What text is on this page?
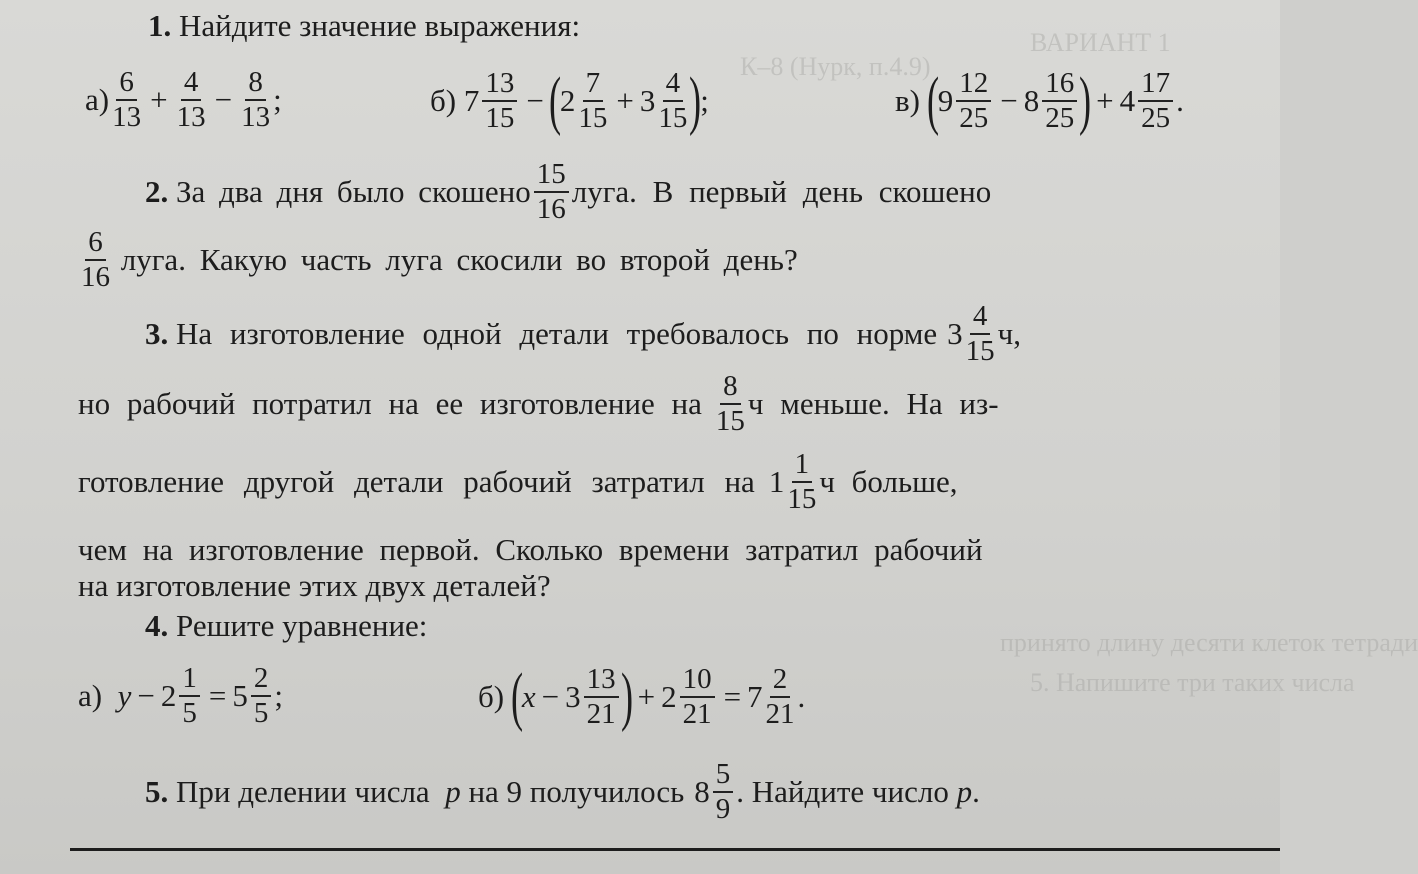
ВАРИАНТ 1
К–8 (Нурк, п.4.9)
принято длину десяти клеток тетради
5. Напишите три таких числа
1.
Найдите значение выражения:
а) 6
$13 + \frac{4}{13} - \frac{8}{13}$ ;	б)
7 13
15 − (
2 7
15 + 3 4
15 )
;	в)
(
9 12
25 − 8 16
25 ) + 4 17
25 .
2.
За два дня было скошено 15
16 луга. В первый день скошено
6
16
луга. Какую часть луга скосили во второй день?
3.
На изготовление одной детали требовалось по норме 3 4
15 ч,
но рабочий потратил на ее изготовление на 8
15 ч меньше. На из-
готовление другой детали рабочий затратил на 1 1
15 ч больше,
чем на изготовление первой. Сколько времени затратил рабочий
на изготовление этих двух деталей?
4.
Решите уравнение:
а)
$y - 2 \frac{1}{5} = 5$ 2
5 ;	б)
(
x − 3 13
21 ) + $2 \frac{10}{21} = 7$ 2
21 .
5.
При делении числа
p
на 9 получилось 8 5
9 . Найдите число
p .
